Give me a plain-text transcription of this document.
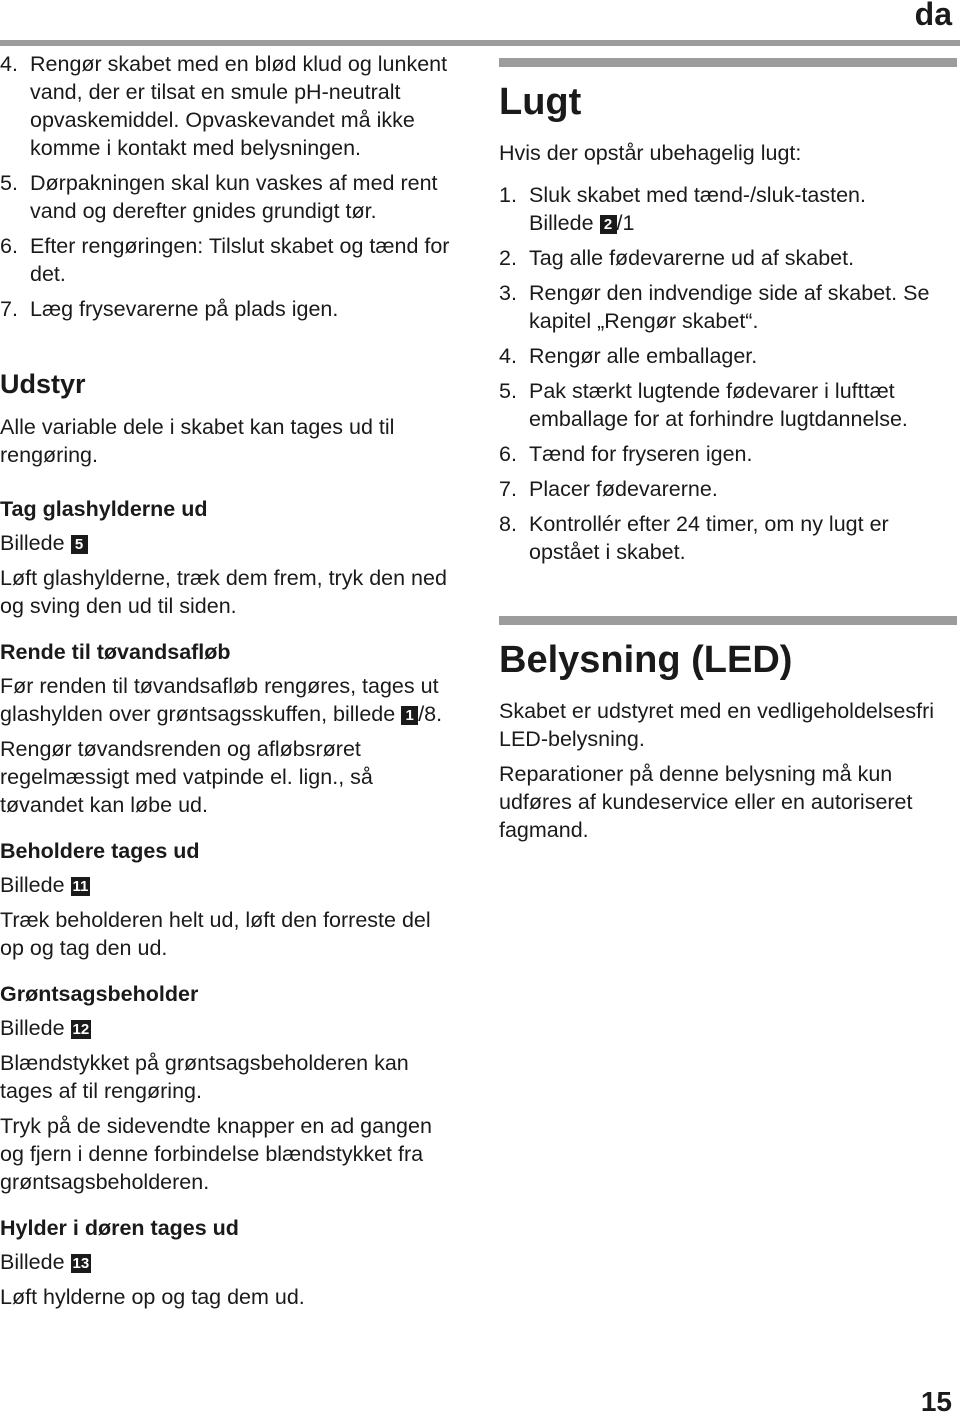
da
4. Rengør skabet med en blød klud og lunkent vand, der er tilsat en smule pH-neutralt opvaskemiddel. Opvaskevandet må ikke komme i kontakt med belysningen.
5. Dørpakningen skal kun vaskes af med rent vand og derefter gnides grundigt tør.
6. Efter rengøringen: Tilslut skabet og tænd for det.
7. Læg frysevarerne på plads igen.
Udstyr

Alle variable dele i skabet kan tages ud til rengøring.

Tag glashylderne ud

Billede 5

Løft glashylderne, træk dem frem, tryk den ned og sving den ud til siden.

Rende til tøvandsafløb

Før renden til tøvandsafløb rengøres, tages ut glashylden over grøntsagsskuffen, billede 1 /8.

Rengør tøvandsrenden og afløbsrøret regelmæssigt med vatpinde el. lign., så tøvandet kan løbe ud.

Beholdere tages ud

Billede 11

Træk beholderen helt ud, løft den forreste del op og tag den ud.

Grøntsagsbeholder

Billede 12

Blændstykket på grøntsagsbeholderen kan tages af til rengøring.

Tryk på de sidevendte knapper en ad gangen og fjern i denne forbindelse blændstykket fra grøntsagsbeholderen.

Hylder i døren tages ud

Billede 13

Løft hylderne op og tag dem ud.

Lugt

Hvis der opstår ubehagelig lugt:

1. Sluk skabet med tænd-/sluk-tasten.
Billede 2 /1
2. Tag alle fødevarerne ud af skabet.
3. Rengør den indvendige side af skabet. Se kapitel „Rengør skabet“.
4. Rengør alle emballager.
5. Pak stærkt lugtende fødevarer i lufttæt emballage for at forhindre lugtdannelse.
6. Tænd for fryseren igen.
7. Placer fødevarerne.
8. Kontrollér efter 24 timer, om ny lugt er opstået i skabet.
Belysning (LED)

Skabet er udstyret med en vedligeholdelsesfri LED-belysning.

Reparationer på denne belysning må kun udføres af kundeservice eller en autoriseret fagmand.

15
